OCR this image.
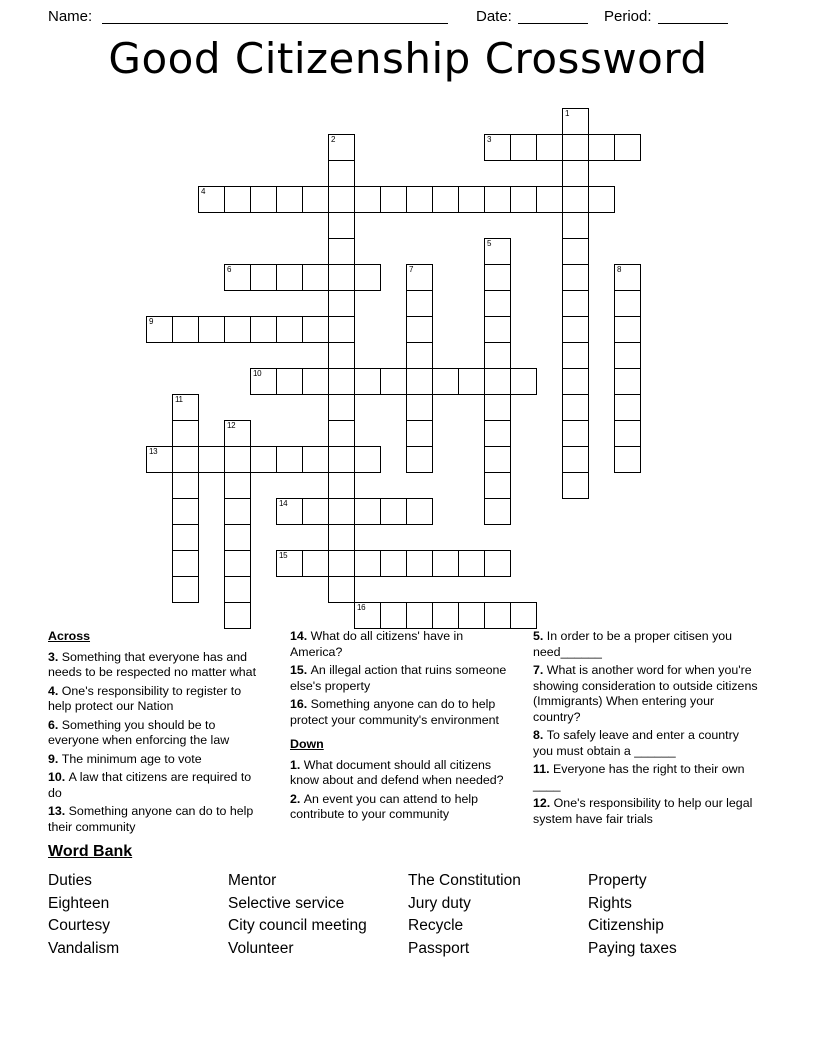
Name:	Date:	Period:
Good Citizenship Crossword
1
2	3
4
5
6	7	8
9
10
11
12
13
14
15
16
Across
3. Something that everyone has and needs to be respected no matter what
4. One's responsibility to register to help protect our Nation
6. Something you should be to everyone when enforcing the law
9. The minimum age to vote
10. A law that citizens are required to do
13. Something anyone can do to help their community
14. What do all citizens' have in America?
15. An illegal action that ruins someone else's property
16. Something anyone can do to help protect your community's environment
Down
1. What document should all citizens know about and defend when needed?
2. An event you can attend to help contribute to your community
5. In order to be a proper citisen you need______
7. What is another word for when you're showing consideration to outside citizens (Immigrants) When entering your country?
8. To safely leave and enter a country you must obtain a ______
11. Everyone has the right to their own ____
12. One's responsibility to help our legal system have fair trials
Word Bank
Duties	Mentor	The Constitution	Property
Eighteen	Selective service	Jury duty	Rights
Courtesy	City council meeting	Recycle	Citizenship
Vandalism	Volunteer	Passport	Paying taxes
